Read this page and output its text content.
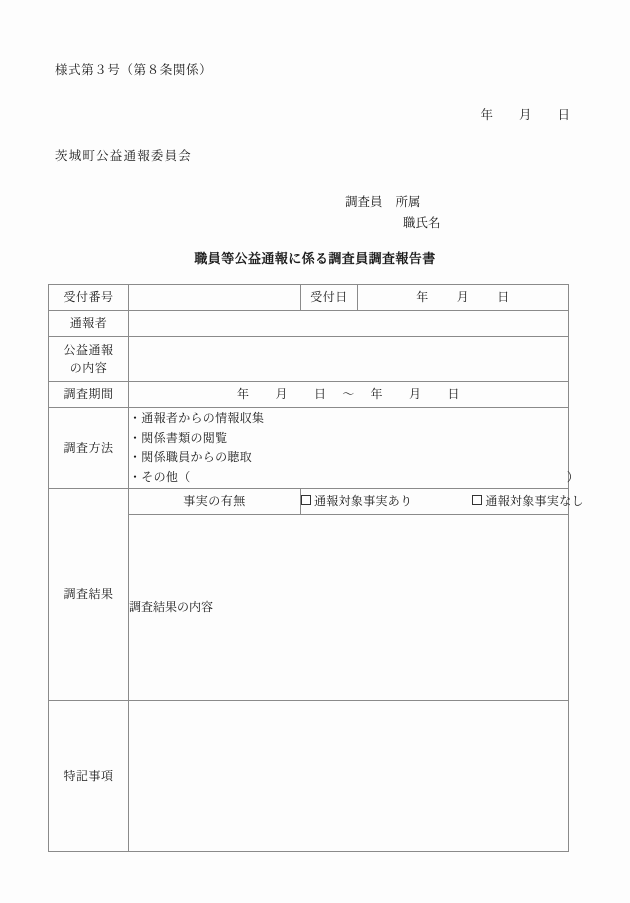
様式第３号（第８条関係）
年 月 日
茨城町公益通報委員会
調査員 所属
職氏名
職員等公益通報に係る調査員調査報告書
受付番号		受付日	年 月 日
通報者			

公益通報
の内容			

調査期間	年 月 日 〜 年 月 日		
調査方法	
・通報者からの情報収集
・関係書類の閲覧
・関係職員からの聴取
・その他（	）

調査結果	事実の有無	通報対象事実あり 通報対象事実なし	
	調査結果の内容		
特記事項			
